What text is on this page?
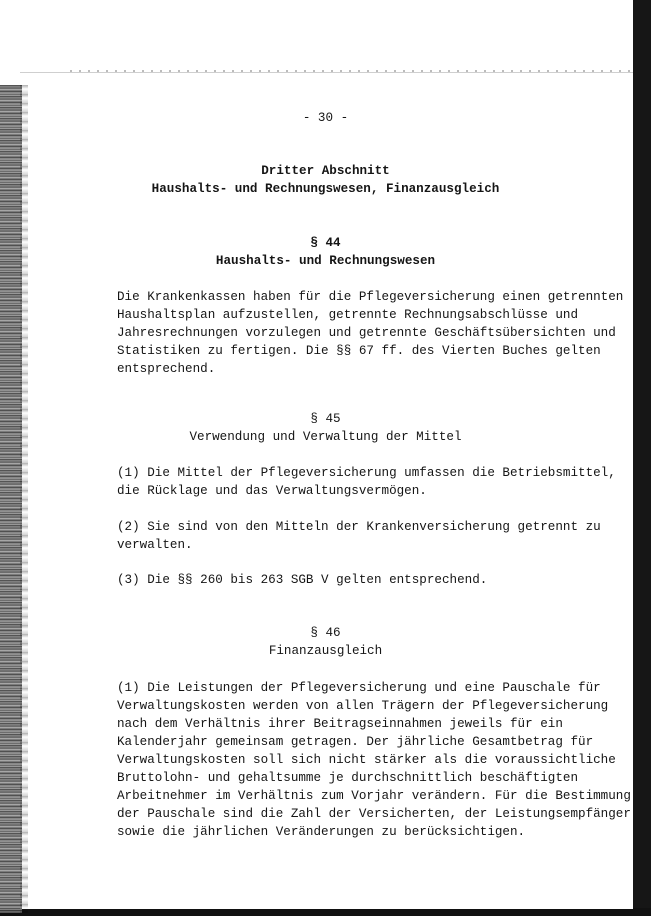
- 30 -

Dritter Abschnitt

Haushalts- und Rechnungswesen, Finanzausgleich

§ 44

Haushalts- und Rechnungswesen

Die Krankenkassen haben für die Pflegeversicherung einen getrennten

Haushaltsplan aufzustellen, getrennte Rechnungsabschlüsse und

Jahresrechnungen vorzulegen und getrennte Geschäftsübersichten und

Statistiken zu fertigen. Die §§ 67 ff. des Vierten Buches gelten

entsprechend.

§ 45

Verwendung und Verwaltung der Mittel

(1) Die Mittel der Pflegeversicherung umfassen die Betriebsmittel,

die Rücklage und das Verwaltungsvermögen.

(2) Sie sind von den Mitteln der Krankenversicherung getrennt zu

verwalten.

(3) Die §§ 260 bis 263 SGB V gelten entsprechend.

§ 46

Finanzausgleich

(1) Die Leistungen der Pflegeversicherung und eine Pauschale für

Verwaltungskosten werden von allen Trägern der Pflegeversicherung

nach dem Verhältnis ihrer Beitragseinnahmen jeweils für ein

Kalenderjahr gemeinsam getragen. Der jährliche Gesamtbetrag für

Verwaltungskosten soll sich nicht stärker als die voraussichtliche

Bruttolohn- und gehaltsumme je durchschnittlich beschäftigten

Arbeitnehmer im Verhältnis zum Vorjahr verändern. Für die Bestimmung

der Pauschale sind die Zahl der Versicherten, der Leistungsempfänger

sowie die jährlichen Veränderungen zu berücksichtigen.
